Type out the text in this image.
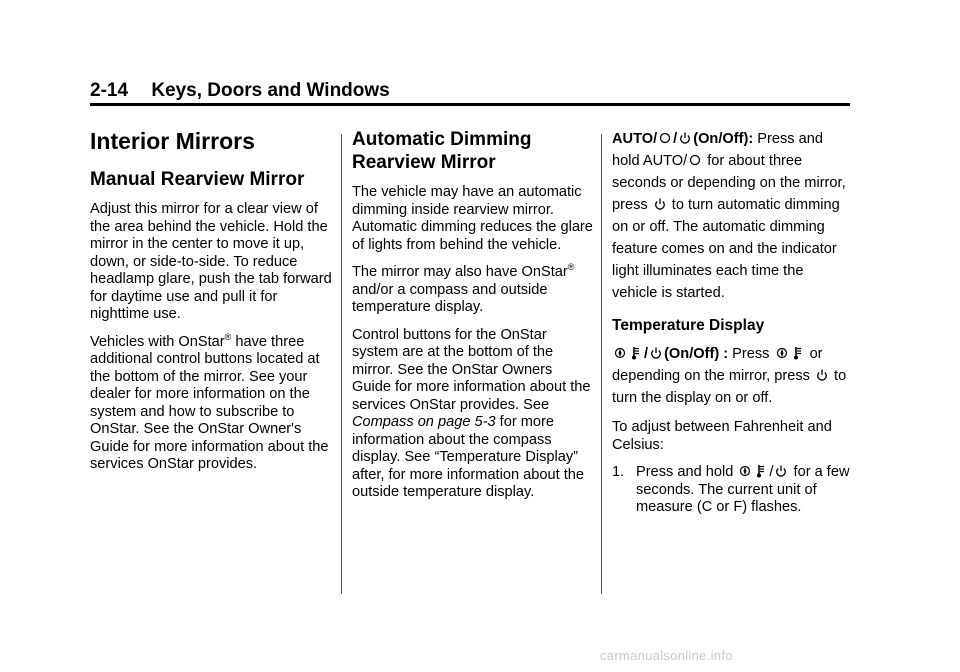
2-14 Keys, Doors and Windows
Interior Mirrors
Manual Rearview Mirror

Adjust this mirror for a clear view of the area behind the vehicle. Hold the mirror in the center to move it up, down, or side-to-side. To reduce headlamp glare, push the tab forward for daytime use and pull it for nighttime use.

Vehicles with OnStar® have three additional control buttons located at the bottom of the mirror. See your dealer for more information on the system and how to subscribe to OnStar. See the OnStar Owner's Guide for more information about the services OnStar provides.

Automatic Dimming Rearview Mirror

The vehicle may have an automatic dimming inside rearview mirror. Automatic dimming reduces the glare of lights from behind the vehicle.

The mirror may also have OnStar® and/or a compass and outside temperature display.

Control buttons for the OnStar system are at the bottom of the mirror. See the OnStar Owners Guide for more information about the services OnStar provides. See Compass on page 5-3 for more information about the compass display. See “Temperature Display” after, for more information about the outside temperature display.

AUTO/ / (On/Off): Press and hold AUTO/
for about three seconds or depending on the mirror, press
to turn automatic dimming on or off. The automatic dimming feature comes on and the indicator light illuminates each time the vehicle is started.

Temperature Display

/ (On/Off) : Press
or depending on the mirror, press
to turn the display on or off.

To adjust between Fahrenheit and Celsius:

1. Press and hold
/
for a few seconds. The current unit of measure (C or F) flashes.
carmanualsonline.info
